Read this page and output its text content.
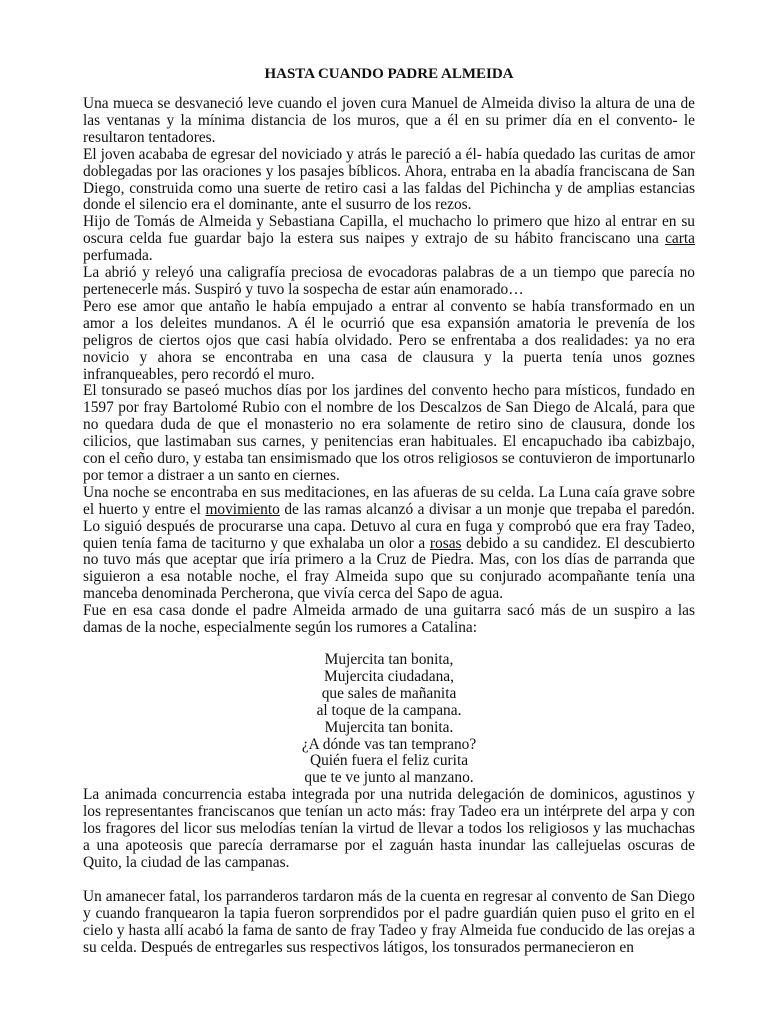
HASTA CUANDO PADRE ALMEIDA

Una mueca se desvaneció leve cuando el joven cura Manuel de Almeida diviso la altura de una de las ventanas y la mínima distancia de los muros, que a él en su primer día en el convento- le resultaron tentadores.

El joven acababa de egresar del noviciado y atrás le pareció a él- había quedado las curitas de amor doblegadas por las oraciones y los pasajes bíblicos. Ahora, entraba en la abadía franciscana de San Diego, construida como una suerte de retiro casi a las faldas del Pichincha y de amplias estancias donde el silencio era el dominante, ante el susurro de los rezos.

Hijo de Tomás de Almeida y Sebastiana Capilla, el muchacho lo primero que hizo al entrar en su oscura celda fue guardar bajo la estera sus naipes y extrajo de su hábito franciscano una carta perfumada.

La abrió y releyó una caligrafía preciosa de evocadoras palabras de a un tiempo que parecía no pertenecerle más. Suspiró y tuvo la sospecha de estar aún enamorado…

Pero ese amor que antaño le había empujado a entrar al convento se había transformado en un amor a los deleites mundanos. A él le ocurrió que esa expansión amatoria le prevenía de los peligros de ciertos ojos que casi había olvidado. Pero se enfrentaba a dos realidades: ya no era novicio y ahora se encontraba en una casa de clausura y la puerta tenía unos goznes infranqueables, pero recordó el muro.

El tonsurado se paseó muchos días por los jardines del convento hecho para místicos, fundado en 1597 por fray Bartolomé Rubio con el nombre de los Descalzos de San Diego de Alcalá, para que no quedara duda de que el monasterio no era solamente de retiro sino de clausura, donde los cilicios, que lastimaban sus carnes, y penitencias eran habituales. El encapuchado iba cabizbajo, con el ceño duro, y estaba tan ensimismado que los otros religiosos se contuvieron de importunarlo por temor a distraer a un santo en ciernes.

Una noche se encontraba en sus meditaciones, en las afueras de su celda. La Luna caía grave sobre el huerto y entre el movimiento de las ramas alcanzó a divisar a un monje que trepaba el paredón. Lo siguió después de procurarse una capa. Detuvo al cura en fuga y comprobó que era fray Tadeo, quien tenía fama de taciturno y que exhalaba un olor a rosas debido a su candidez. El descubierto no tuvo más que aceptar que iría primero a la Cruz de Piedra. Mas, con los días de parranda que siguieron a esa notable noche, el fray Almeida supo que su conjurado acompañante tenía una manceba denominada Percherona, que vivía cerca del Sapo de agua.

Fue en esa casa donde el padre Almeida armado de una guitarra sacó más de un suspiro a las damas de la noche, especialmente según los rumores a Catalina:

Mujercita tan bonita,
Mujercita ciudadana,
que sales de mañanita
al toque de la campana.
Mujercita tan bonita.
¿A dónde vas tan temprano?
Quién fuera el feliz curita
que te ve junto al manzano.

La animada concurrencia estaba integrada por una nutrida delegación de dominicos, agustinos y los representantes franciscanos que tenían un acto más: fray Tadeo era un intérprete del arpa y con los fragores del licor sus melodías tenían la virtud de llevar a todos los religiosos y las muchachas a una apoteosis que parecía derramarse por el zaguán hasta inundar las callejuelas oscuras de Quito, la ciudad de las campanas.

Un amanecer fatal, los parranderos tardaron más de la cuenta en regresar al convento de San Diego y cuando franquearon la tapia fueron sorprendidos por el padre guardián quien puso el grito en el cielo y hasta allí acabó la fama de santo de fray Tadeo y fray Almeida fue conducido de las orejas a su celda. Después de entregarles sus respectivos látigos, los tonsurados permanecieron en
